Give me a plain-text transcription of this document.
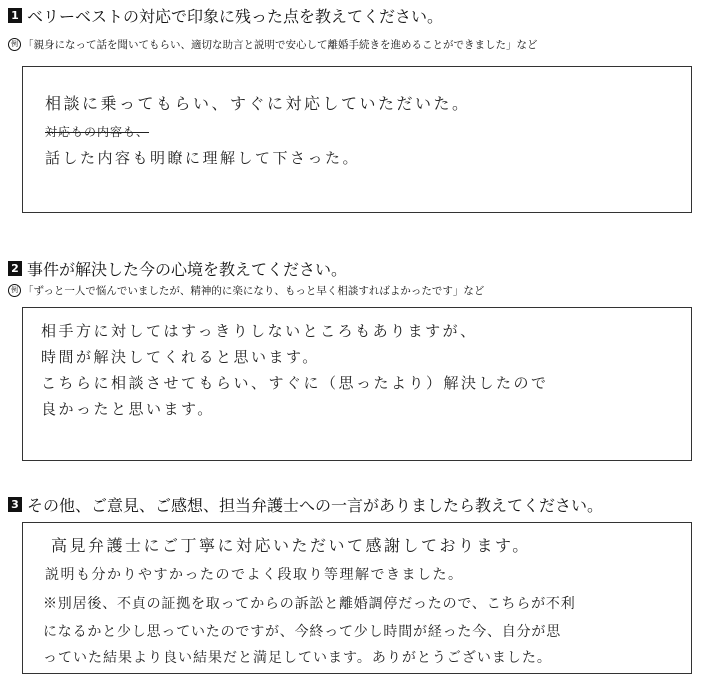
1 ベリーベストの対応で印象に残った点を教えてください。
例 「親身になって話を聞いてもらい、適切な助言と説明で安心して離婚手続きを進めることができました」など
相談に乗ってもらい、すぐに対応していただいた。
対応もの内容も、
話した内容も明瞭に理解して下さった。
2 事件が解決した今の心境を教えてください。
例 「ずっと一人で悩んでいましたが、精神的に楽になり、もっと早く相談すればよかったです」など
相手方に対してはすっきりしないところもありますが、
時間が解決してくれると思います。
こちらに相談させてもらい、すぐに（思ったより）解決したので
良かったと思います。
3 その他、ご意見、ご感想、担当弁護士への一言がありましたら教えてください。
高見弁護士にご丁寧に対応いただいて感謝しております。
説明も分かりやすかったのでよく段取り等理解できました。
※別居後、不貞の証拠を取ってからの訴訟と離婚調停だったので、こちらが不利
になるかと少し思っていたのですが、今終って少し時間が経った今、自分が思
っていた結果より良い結果だと満足しています。ありがとうございました。
